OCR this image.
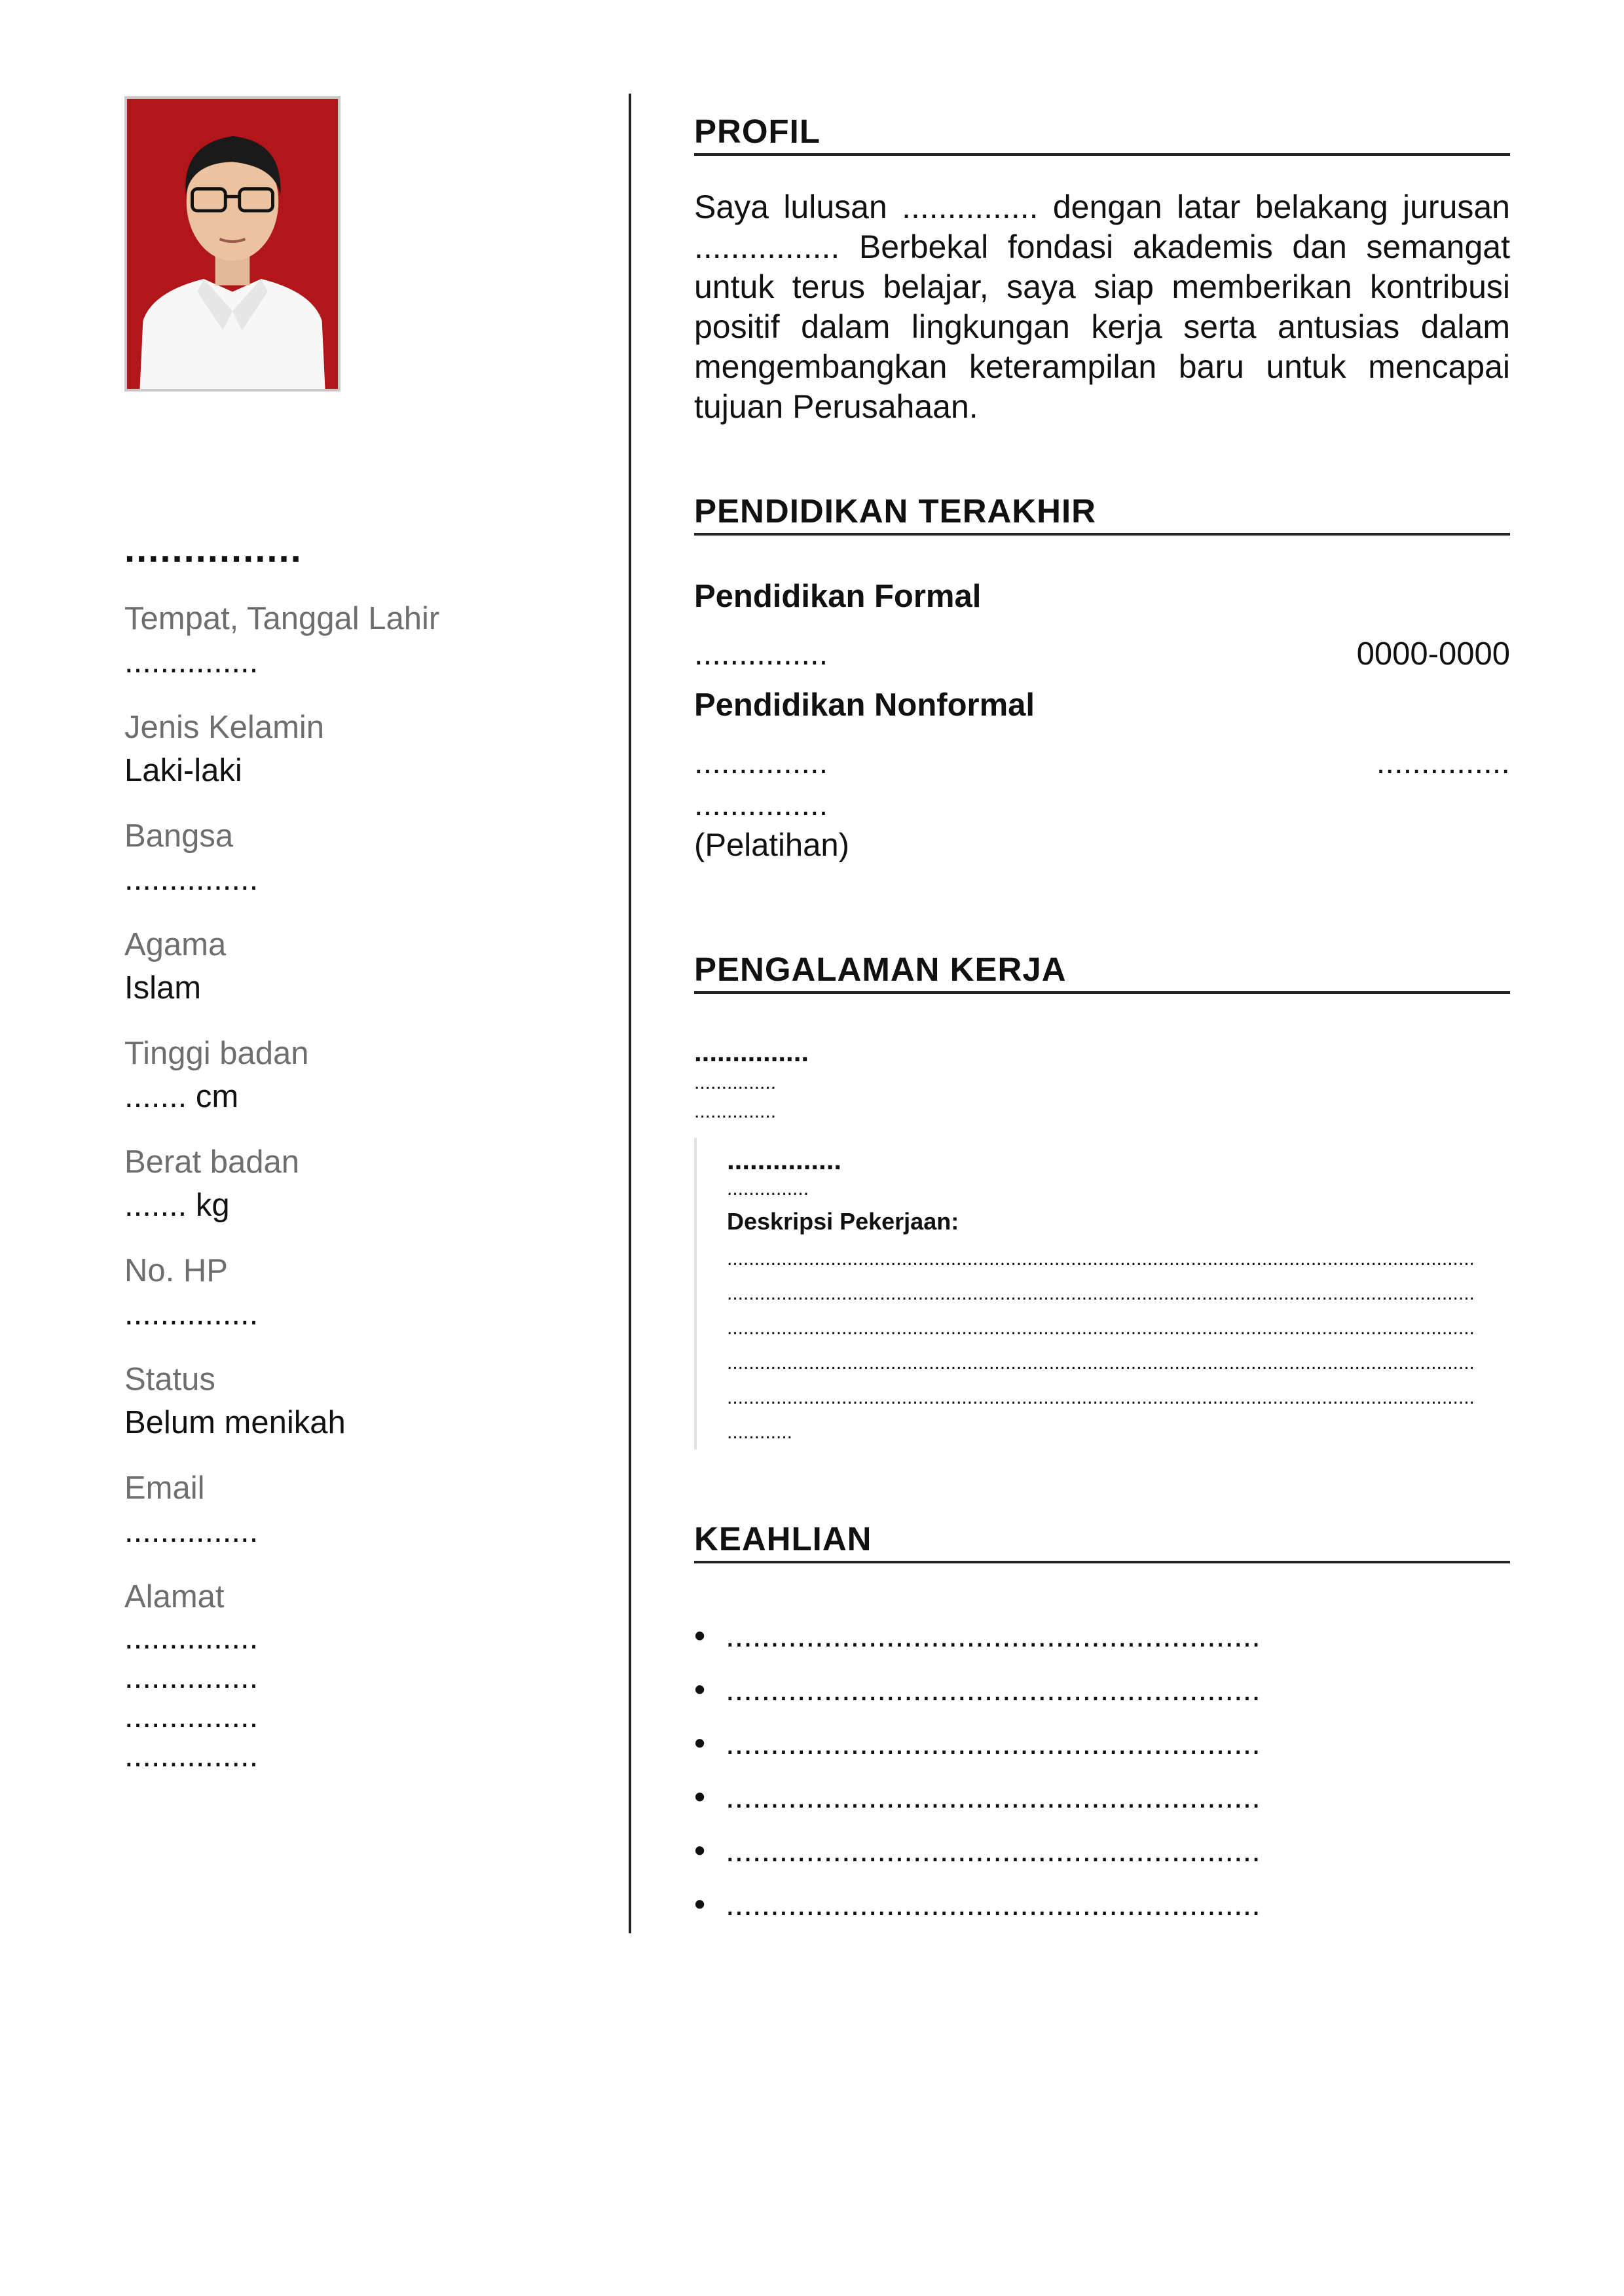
...............
Tempat, Tanggal Lahir
...............
Jenis Kelamin
Laki-laki
Bangsa
...............
Agama
Islam
Tinggi badan
....... cm
Berat badan
....... kg
No. HP
...............
Status
Belum menikah
Email
...............
Alamat
...............
...............
...............
...............
PROFIL
Saya lulusan ............... dengan latar belakang jurusan ................ Berbekal fondasi akademis dan semangat untuk terus belajar, saya siap memberikan kontribusi positif dalam lingkungan kerja serta antusias dalam mengembangkan keterampilan baru untuk mencapai tujuan Perusahaan.
PENDIDIKAN TERAKHIR
Pendidikan Formal
...............	0000-0000
Pendidikan Nonformal
...............	...............
...............
(Pelatihan)
PENGALAMAN KERJA
...............
...............
...............
...............
...............
Deskripsi Pekerjaan:
.........................................................................................................................................
.........................................................................................................................................
.........................................................................................................................................
.........................................................................................................................................
.........................................................................................................................................
............
KEAHLIAN
• ............................................................
• ............................................................
• ............................................................
• ............................................................
• ............................................................
• ............................................................
